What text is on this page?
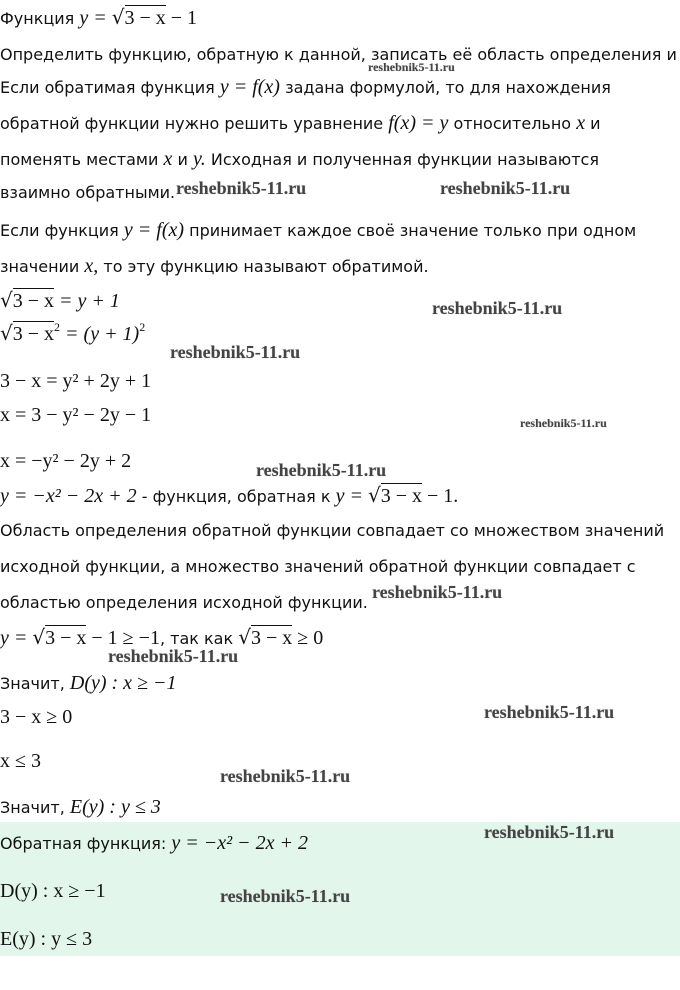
Функция y = √3 − x − 1
Определить функцию, обратную к данной, записать её область определения и
Если обратимая функция y = f(x) задана формулой, то для нахождения
обратной функции нужно решить уравнение f(x) = y относительно x и
поменять местами x и y. Исходная и полученная функции называются
взаимно обратными.
Если функция y = f(x) принимает каждое своё значение только при одном
значении x, то эту функцию называют обратимой.
√3 − x = y + 1
$√3 - x^2 = (y + 1)^2$
3 − x = y² + 2y + 1
x = 3 − y² − 2y − 1
x = −y² − 2y + 2
y = −x² − 2x + 2 - функция, обратная к y = √3 − x − 1.
Область определения обратной функции совпадает со множеством значений
исходной функции, а множество значений обратной функции совпадает с
областью определения исходной функции.
y = √3 − x − 1 ≥ −1, так как √3 − x ≥ 0
Значит, D(y) : x ≥ −1
3 − x ≥ 0
x ≤ 3
Значит, E(y) : y ≤ 3
Обратная функция: y = −x² − 2x + 2
D(y) : x ≥ −1
E(y) : y ≤ 3
reshebnik5-11.ru
reshebnik5-11.ru	reshebnik5-11.ru
reshebnik5-11.ru
reshebnik5-11.ru
reshebnik5-11.ru
reshebnik5-11.ru
reshebnik5-11.ru
reshebnik5-11.ru
reshebnik5-11.ru
reshebnik5-11.ru
reshebnik5-11.ru
reshebnik5-11.ru
